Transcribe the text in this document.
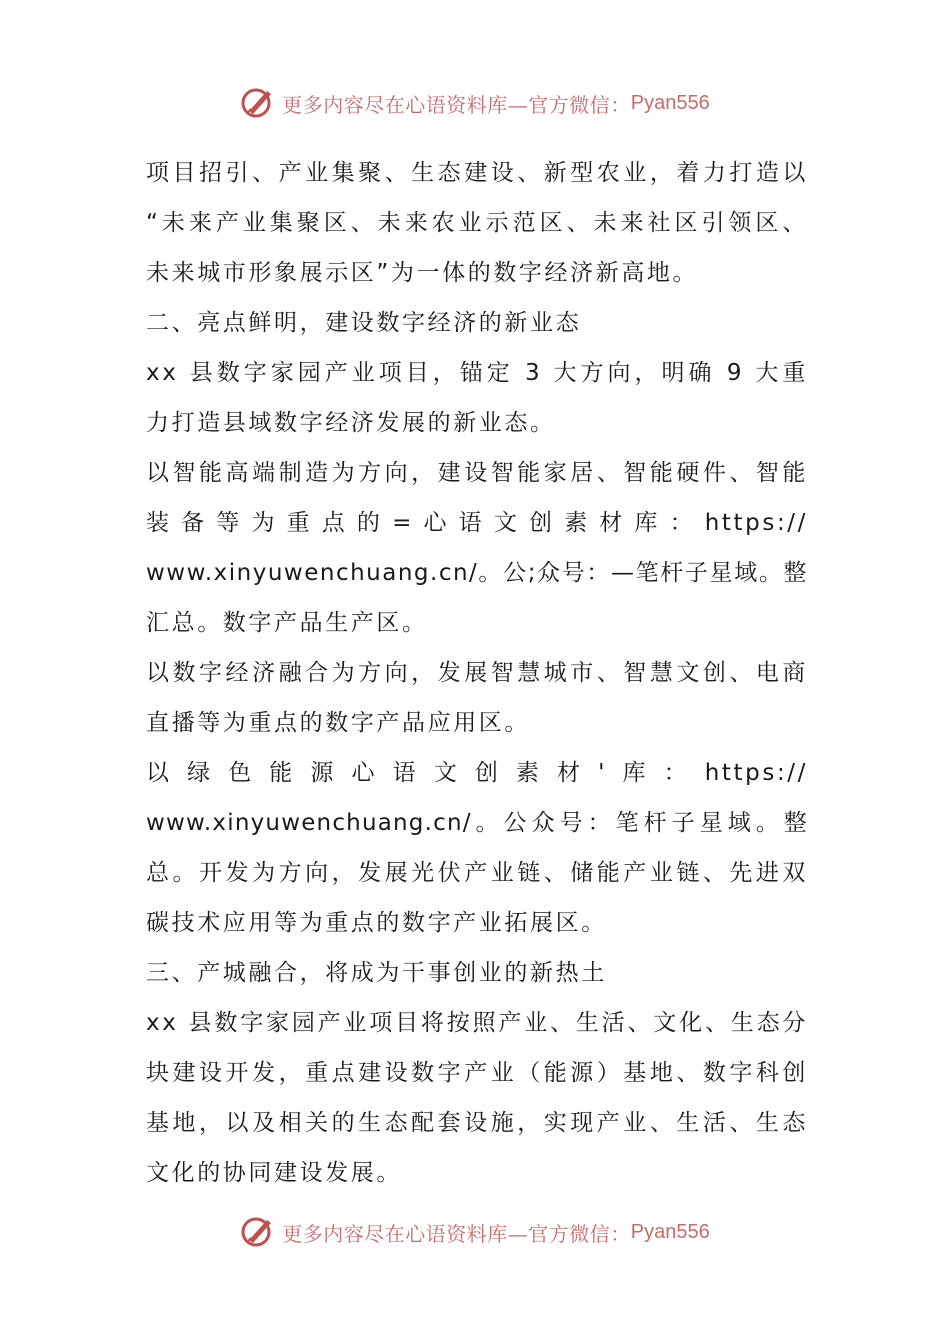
更多内容尽在心语资料库—官方微信： Pyan556
项目招引、产业集聚、生态建设、新型农业，着力打造以
“未来产业集聚区、未来农业示范区、未来社区引领区、
未来城市形象展示区”为一体的数字经济新高地。
二、亮点鲜明，建设数字经济的新业态
xx 县数字家园产业项目，锚定 3 大方向，明确 9 大重
力打造县域数字经济发展的新业态。
以智能高端制造为方向，建设智能家居、智能硬件、智能
装备等为重点的=心语文创素材库：https://
www.xinyuwenchuang.cn/。公;众号：—笔杆子星域。整
汇总。数字产品生产区。
以数字经济融合为方向，发展智慧城市、智慧文创、电商
直播等为重点的数字产品应用区。
以绿色能源心语文创素材'库：https://
www.xinyuwenchuang.cn/。公众号：笔杆子星域。整
总。开发为方向，发展光伏产业链、储能产业链、先进双
碳技术应用等为重点的数字产业拓展区。
三、产城融合，将成为干事创业的新热土
xx 县数字家园产业项目将按照产业、生活、文化、生态分
块建设开发，重点建设数字产业（能源）基地、数字科创
基地，以及相关的生态配套设施，实现产业、生活、生态
文化的协同建设发展。
更多内容尽在心语资料库—官方微信： Pyan556
